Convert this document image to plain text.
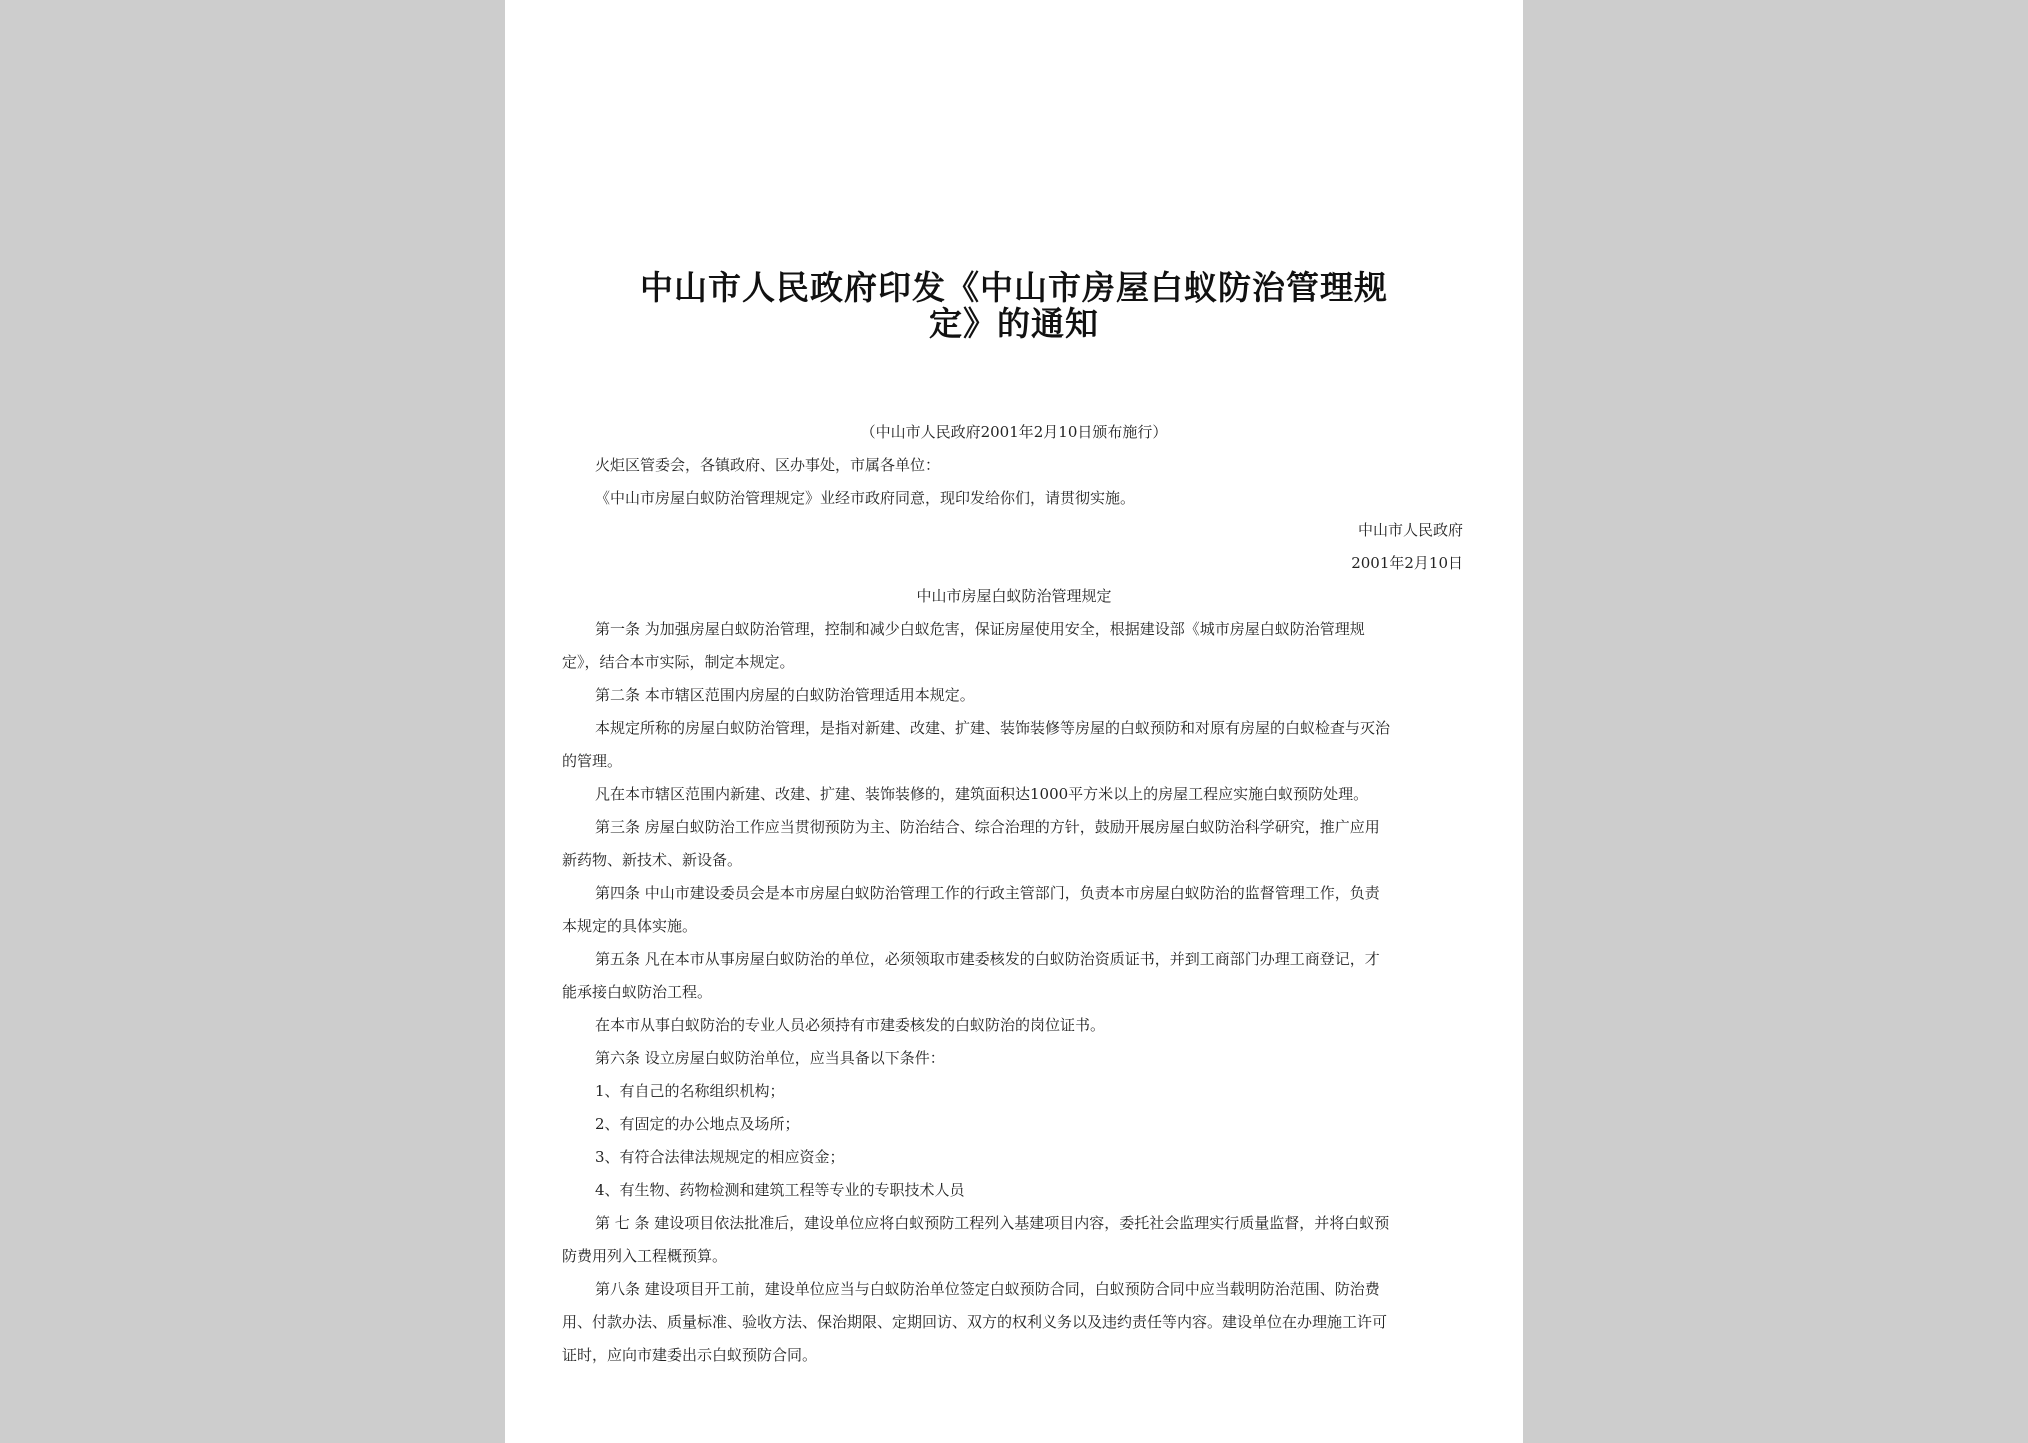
中山市人民政府印发《中山市房屋白蚁防治管理规
定》的通知
（中山市人民政府2001年2月10日颁布施行）
火炬区管委会，各镇政府、区办事处，市属各单位：
《中山市房屋白蚁防治管理规定》业经市政府同意，现印发给你们，请贯彻实施。
中山市人民政府
2001年2月10日
中山市房屋白蚁防治管理规定
第一条 为加强房屋白蚁防治管理，控制和减少白蚁危害，保证房屋使用安全，根据建设部《城市房屋白蚁防治管理规
定》，结合本市实际，制定本规定。
第二条 本市辖区范围内房屋的白蚁防治管理适用本规定。
本规定所称的房屋白蚁防治管理，是指对新建、改建、扩建、装饰装修等房屋的白蚁预防和对原有房屋的白蚁检查与灭治
的管理。
凡在本市辖区范围内新建、改建、扩建、装饰装修的，建筑面积达1000平方米以上的房屋工程应实施白蚁预防处理。
第三条 房屋白蚁防治工作应当贯彻预防为主、防治结合、综合治理的方针，鼓励开展房屋白蚁防治科学研究，推广应用
新药物、新技术、新设备。
第四条 中山市建设委员会是本市房屋白蚁防治管理工作的行政主管部门，负责本市房屋白蚁防治的监督管理工作，负责
本规定的具体实施。
第五条 凡在本市从事房屋白蚁防治的单位，必须领取市建委核发的白蚁防治资质证书，并到工商部门办理工商登记，才
能承接白蚁防治工程。
在本市从事白蚁防治的专业人员必须持有市建委核发的白蚁防治的岗位证书。
第六条 设立房屋白蚁防治单位，应当具备以下条件：
1、有自己的名称组织机构；
2、有固定的办公地点及场所；
3、有符合法律法规规定的相应资金；
4、有生物、药物检测和建筑工程等专业的专职技术人员
第 七 条 建设项目依法批准后，建设单位应将白蚁预防工程列入基建项目内容，委托社会监理实行质量监督，并将白蚁预
防费用列入工程概预算。
第八条 建设项目开工前，建设单位应当与白蚁防治单位签定白蚁预防合同，白蚁预防合同中应当载明防治范围、防治费
用、付款办法、质量标准、验收方法、保治期限、定期回访、双方的权利义务以及违约责任等内容。建设单位在办理施工许可
证时，应向市建委出示白蚁预防合同。
